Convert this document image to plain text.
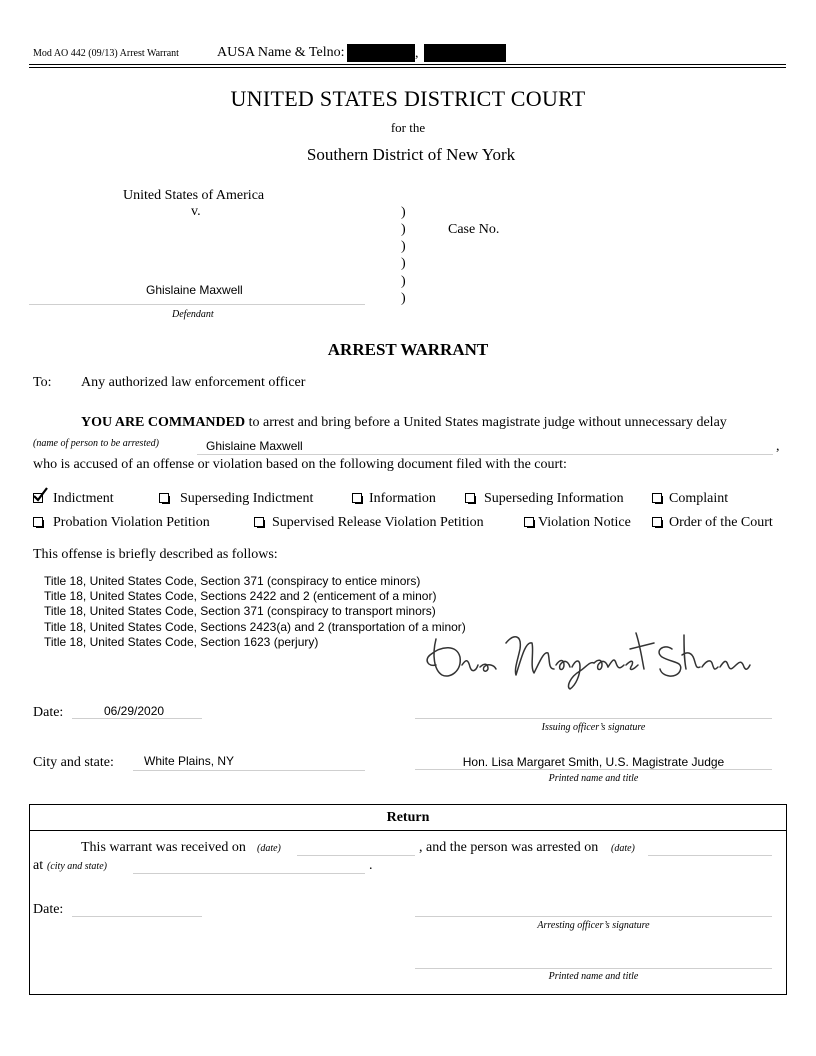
Mod AO 442 (09/13) Arrest Warrant	AUSA Name & Telno:	,
UNITED STATES DISTRICT COURT
for the
Southern District of New York
United States of America
v.	)
)
)
)
)
)
Case No.
Ghislaine Maxwell
Defendant
ARREST WARRANT
To: Any authorized law enforcement officer
YOU ARE COMMANDED to arrest and bring before a United States magistrate judge without unnecessary delay
(name of person to be arrested)	Ghislaine Maxwell	,
who is accused of an offense or violation based on the following document filed with the court:
Indictment	Superseding Indictment	Information	Superseding Information	Complaint
Probation Violation Petition	Supervised Release Violation Petition	Violation Notice	Order of the Court
This offense is briefly described as follows:
Title 18, United States Code, Section 371 (conspiracy to entice minors)
Title 18, United States Code, Sections 2422 and 2 (enticement of a minor)
Title 18, United States Code, Section 371 (conspiracy to transport minors)
Title 18, United States Code, Sections 2423(a) and 2 (transportation of a minor)
Title 18, United States Code, Section 1623 (perjury)
Date:	06/29/2020
Issuing officer’s signature
City and state:	White Plains, NY	Hon. Lisa Margaret Smith, U.S. Magistrate Judge
Printed name and title
Return
This warrant was received on (date)	, and the person was arrested on (date)
at (city and state)	.
Date:
Arresting officer’s signature
Printed name and title
